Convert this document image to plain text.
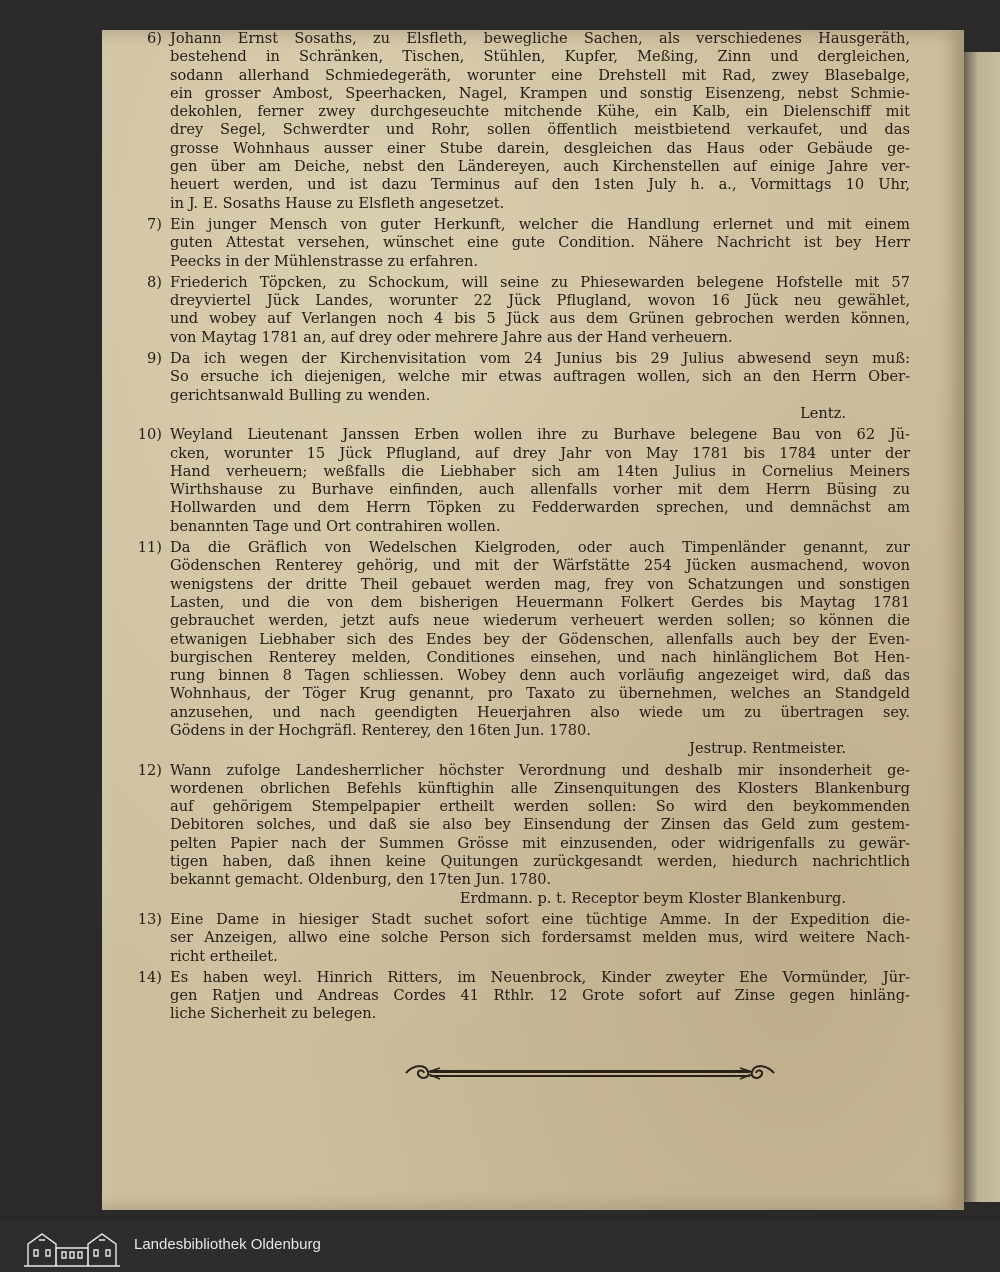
6) Johann Ernst Sosaths, zu Elsfleth, bewegliche Sachen, als verschiedenes Hausgeräth,
bestehend in Schränken, Tischen, Stühlen, Kupfer, Meßing, Zinn und dergleichen,
sodann allerhand Schmiedegeräth, worunter eine Drehstell mit Rad, zwey Blasebalge,
ein grosser Ambost, Speerhacken, Nagel, Krampen und sonstig Eisenzeng, nebst Schmie-
dekohlen, ferner zwey durchgeseuchte mitchende Kühe, ein Kalb, ein Dielenschiff mit
drey Segel, Schwerdter und Rohr, sollen öffentlich meistbietend verkaufet, und das
grosse Wohnhaus ausser einer Stube darein, desgleichen das Haus oder Gebäude ge-
gen über am Deiche, nebst den Ländereyen, auch Kirchenstellen auf einige Jahre ver-
heuert werden, und ist dazu Terminus auf den 1sten July h. a., Vormittags 10 Uhr,
in J. E. Sosaths Hause zu Elsfleth angesetzet.
7) Ein junger Mensch von guter Herkunft, welcher die Handlung erlernet und mit einem
guten Attestat versehen, wünschet eine gute Condition. Nähere Nachricht ist bey Herr
Peecks in der Mühlenstrasse zu erfahren.
8) Friederich Töpcken, zu Schockum, will seine zu Phiesewarden belegene Hofstelle mit 57
dreyviertel Jück Landes, worunter 22 Jück Pflugland, wovon 16 Jück neu gewählet,
und wobey auf Verlangen noch 4 bis 5 Jück aus dem Grünen gebrochen werden können,
von Maytag 1781 an, auf drey oder mehrere Jahre aus der Hand verheuern.
9) Da ich wegen der Kirchenvisitation vom 24 Junius bis 29 Julius abwesend seyn muß:
So ersuche ich diejenigen, welche mir etwas auftragen wollen, sich an den Herrn Ober-
gerichtsanwald Bulling zu wenden.
Lentz.
10) Weyland Lieutenant Janssen Erben wollen ihre zu Burhave belegene Bau von 62 Jü-
cken, worunter 15 Jück Pflugland, auf drey Jahr von May 1781 bis 1784 unter der
Hand verheuern; weßfalls die Liebhaber sich am 14ten Julius in Cornelius Meiners
Wirthshause zu Burhave einfinden, auch allenfalls vorher mit dem Herrn Büsing zu
Hollwarden und dem Herrn Töpken zu Fedderwarden sprechen, und demnächst am
benannten Tage und Ort contrahiren wollen.
11) Da die Gräflich von Wedelschen Kielgroden, oder auch Timpenländer genannt, zur
Gödenschen Renterey gehörig, und mit der Wärfstätte 254 Jücken ausmachend, wovon
wenigstens der dritte Theil gebauet werden mag, frey von Schatzungen und sonstigen
Lasten, und die von dem bisherigen Heuermann Folkert Gerdes bis Maytag 1781
gebrauchet werden, jetzt aufs neue wiederum verheuert werden sollen; so können die
etwanigen Liebhaber sich des Endes bey der Gödenschen, allenfalls auch bey der Even-
burgischen Renterey melden, Conditiones einsehen, und nach hinlänglichem Bot Hen-
rung binnen 8 Tagen schliessen. Wobey denn auch vorläufig angezeiget wird, daß das
Wohnhaus, der Töger Krug genannt, pro Taxato zu übernehmen, welches an Standgeld
anzusehen, und nach geendigten Heuerjahren also wiede um zu übertragen sey.
Gödens in der Hochgräfl. Renterey, den 16ten Jun. 1780.
Jestrup. Rentmeister.
12) Wann zufolge Landesherrlicher höchster Verordnung und deshalb mir insonderheit ge-
wordenen obrlichen Befehls künftighin alle Zinsenquitungen des Klosters Blankenburg
auf gehörigem Stempelpapier ertheilt werden sollen: So wird den beykommenden
Debitoren solches, und daß sie also bey Einsendung der Zinsen das Geld zum gestem-
pelten Papier nach der Summen Grösse mit einzusenden, oder widrigenfalls zu gewär-
tigen haben, daß ihnen keine Quitungen zurückgesandt werden, hiedurch nachrichtlich
bekannt gemacht. Oldenburg, den 17ten Jun. 1780.
Erdmann. p. t. Receptor beym Kloster Blankenburg.
13) Eine Dame in hiesiger Stadt suchet sofort eine tüchtige Amme. In der Expedition die-
ser Anzeigen, allwo eine solche Person sich fordersamst melden mus, wird weitere Nach-
richt ertheilet.
14) Es haben weyl. Hinrich Ritters, im Neuenbrock, Kinder zweyter Ehe Vormünder, Jür-
gen Ratjen und Andreas Cordes 41 Rthlr. 12 Grote sofort auf Zinse gegen hinläng-
liche Sicherheit zu belegen.
Landesbibliothek Oldenburg
